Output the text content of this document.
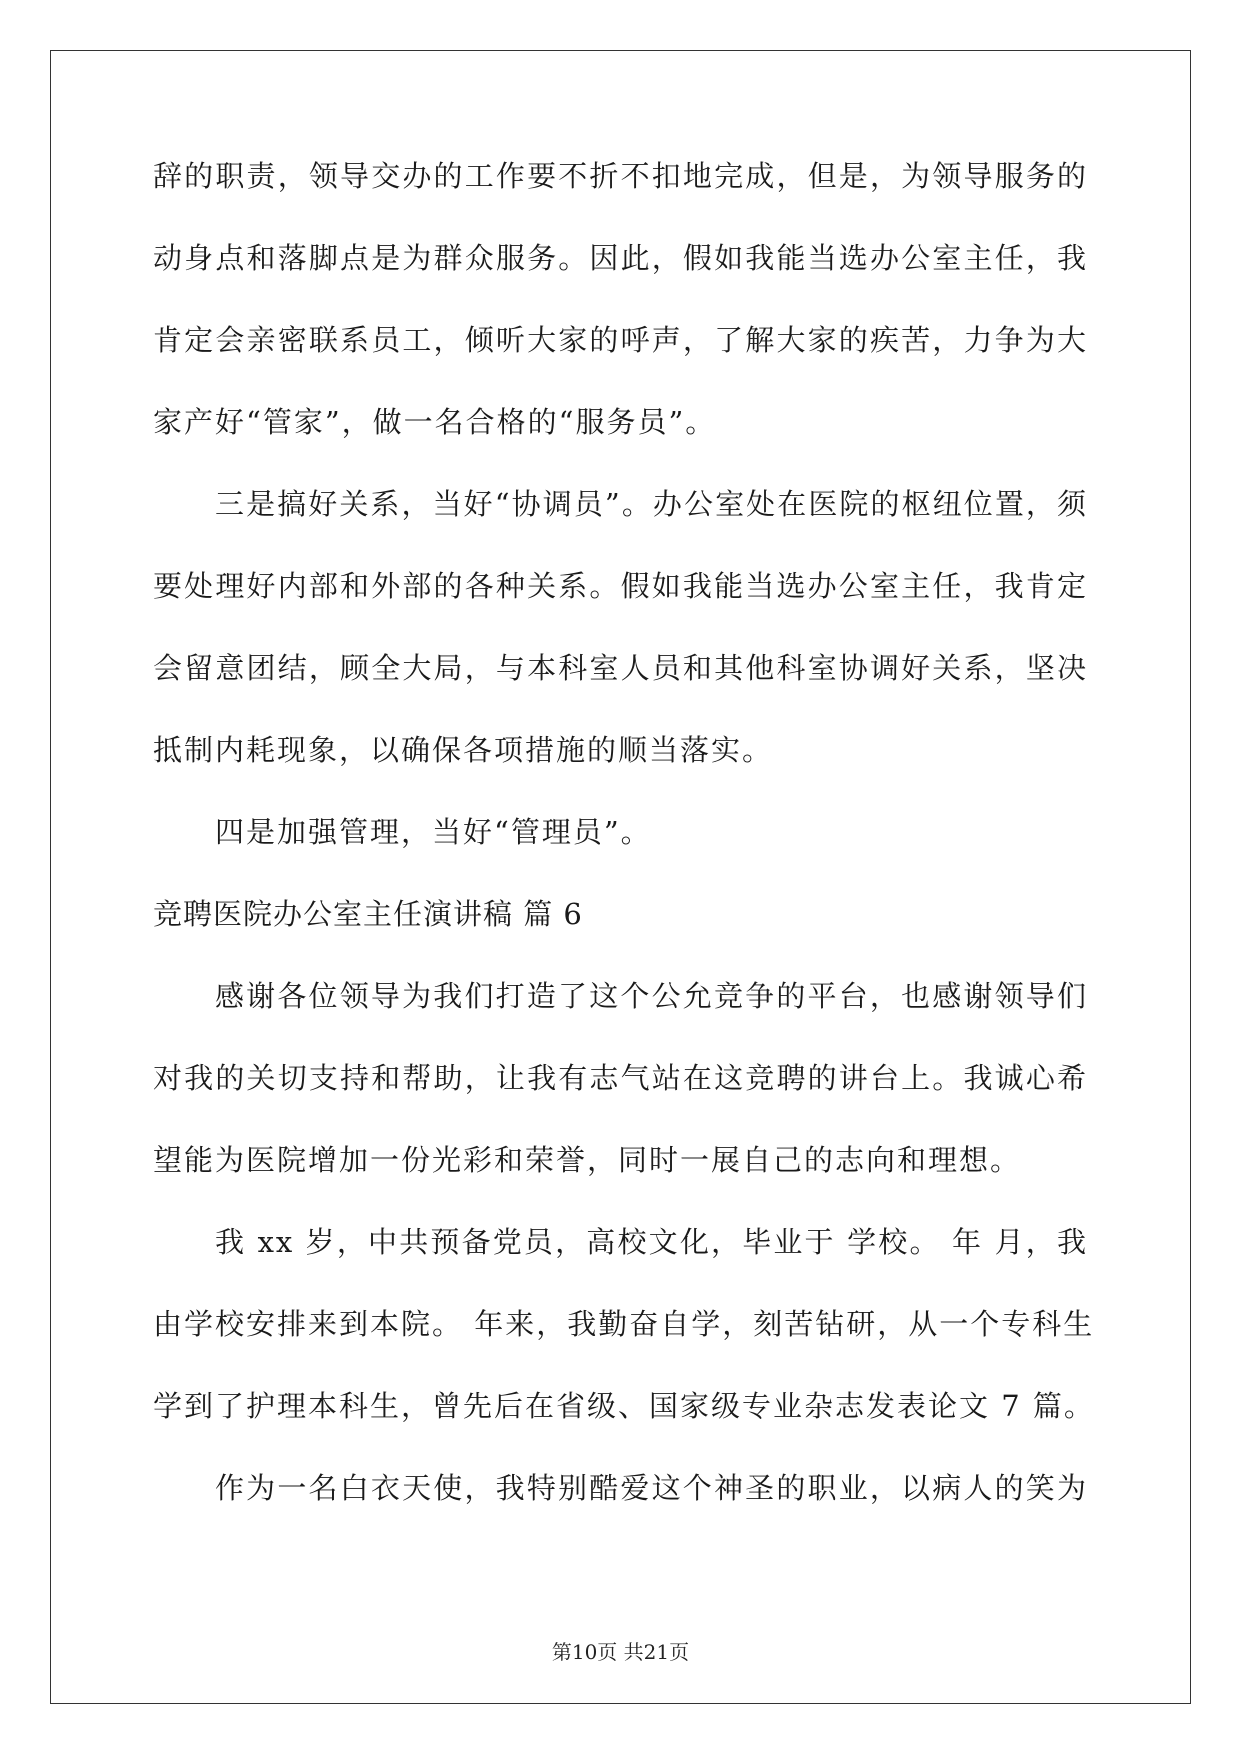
辞的职责，领导交办的工作要不折不扣地完成，但是，为领导服务的
动身点和落脚点是为群众服务。因此，假如我能当选办公室主任，我
肯定会亲密联系员工，倾听大家的呼声，了解大家的疾苦，力争为大
家产好“管家”，做一名合格的“服务员”。
三是搞好关系，当好“协调员”。办公室处在医院的枢纽位置，须
要处理好内部和外部的各种关系。假如我能当选办公室主任，我肯定
会留意团结，顾全大局，与本科室人员和其他科室协调好关系，坚决
抵制内耗现象，以确保各项措施的顺当落实。
四是加强管理，当好“管理员”。
竞聘医院办公室主任演讲稿 篇 6
感谢各位领导为我们打造了这个公允竞争的平台，也感谢领导们
对我的关切支持和帮助，让我有志气站在这竞聘的讲台上。我诚心希
望能为医院增加一份光彩和荣誉，同时一展自己的志向和理想。
我 xx 岁，中共预备党员，高校文化，毕业于 学校。 年 月，我
由学校安排来到本院。 年来，我勤奋自学，刻苦钻研，从一个专科生
学到了护理本科生，曾先后在省级、国家级专业杂志发表论文 7 篇。
作为一名白衣天使，我特别酷爱这个神圣的职业，以病人的笑为
第10页 共21页
